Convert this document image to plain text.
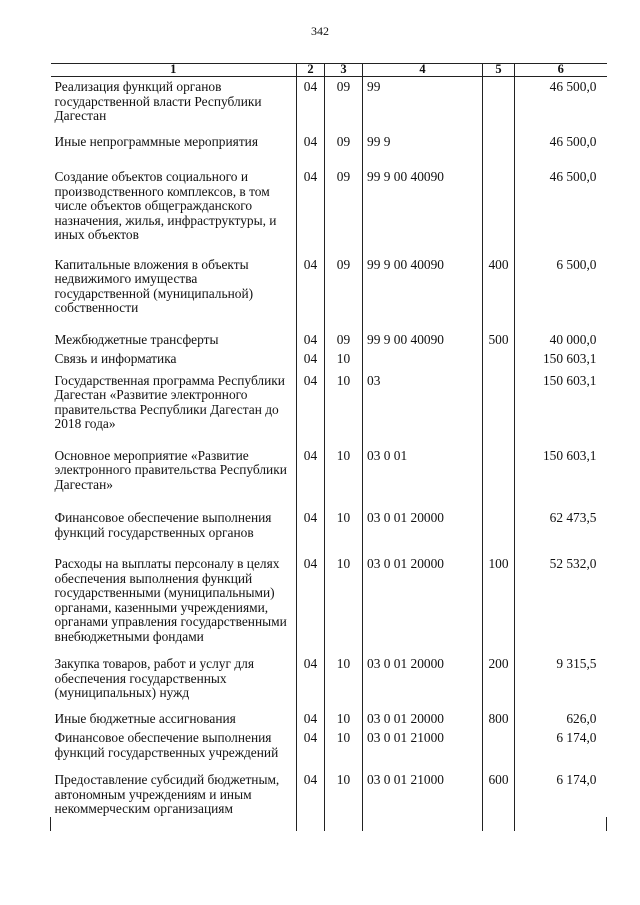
342
1	2	3	4	5	6
Реализация функций органов государственной власти Республики Дагестан	04	09	99		46 500,0
Иные непрограммные мероприятия	04	09	99 9		46 500,0
Создание объектов социального и производственного комплексов, в том числе объектов общегражданского назначения, жилья, инфраструктуры, и иных объектов	04	09	99 9 00 40090		46 500,0
Капитальные вложения в объекты недвижимого имущества государственной (муниципальной) собственности	04	09	99 9 00 40090	400	6 500,0
Межбюджетные трансферты	04	09	99 9 00 40090	500	40 000,0
Связь и информатика	04	10			150 603,1
Государственная программа Республики Дагестан «Развитие электронного правительства Республики Дагестан до 2018 года»	04	10	03		150 603,1
Основное мероприятие «Развитие электронного правительства Республики Дагестан»	04	10	03 0 01		150 603,1
Финансовое обеспечение выполнения функций государственных органов	04	10	03 0 01 20000		62 473,5
Расходы на выплаты персоналу в целях обеспечения выполнения функций государственными (муниципальными) органами, казенными учреждениями, органами управления государственными внебюджетными фондами	04	10	03 0 01 20000	100	52 532,0
Закупка товаров, работ и услуг для обеспечения государственных (муниципальных) нужд	04	10	03 0 01 20000	200	9 315,5
Иные бюджетные ассигнования	04	10	03 0 01 20000	800	626,0
Финансовое обеспечение выполнения функций государственных учреждений	04	10	03 0 01 21000		6 174,0
Предоставление субсидий бюджетным, автономным учреждениям и иным некоммерческим организациям	04	10	03 0 01 21000	600	6 174,0
